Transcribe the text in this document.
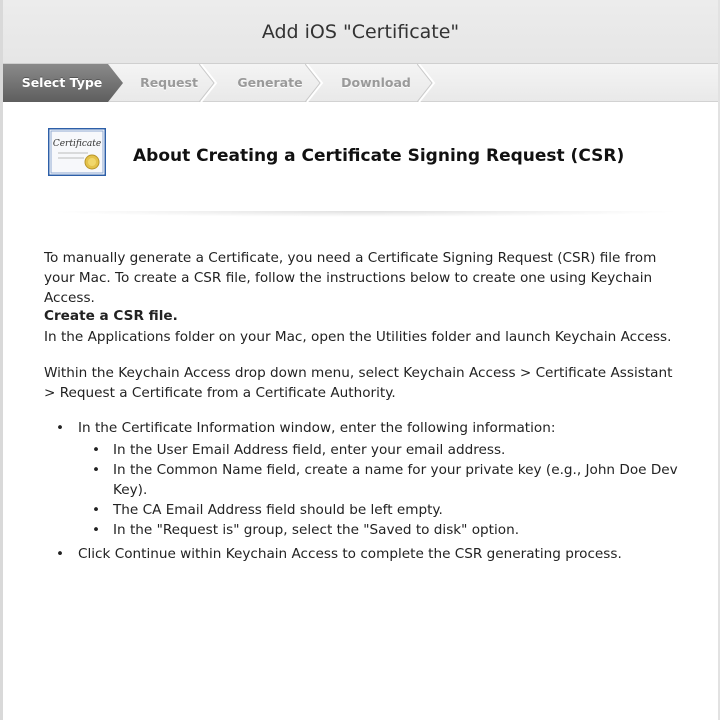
Add iOS "Certificate"
Select Type	Request	Generate	Download
Certificate
About Creating a Certificate Signing Request (CSR)
To manually generate a Certificate, you need a Certificate Signing Request (CSR) file from your Mac. To create a CSR file, follow the instructions below to create one using Keychain Access.
Create a CSR file.
In the Applications folder on your Mac, open the Utilities folder and launch Keychain Access.
Within the Keychain Access drop down menu, select Keychain Access > Certificate Assistant > Request a Certificate from a Certificate Authority.
• In the Certificate Information window, enter the following information:
• In the User Email Address field, enter your email address.
• In the Common Name field, create a name for your private key (e.g., John Doe Dev Key).
• The CA Email Address field should be left empty.
• In the "Request is" group, select the "Saved to disk" option.
• Click Continue within Keychain Access to complete the CSR generating process.
